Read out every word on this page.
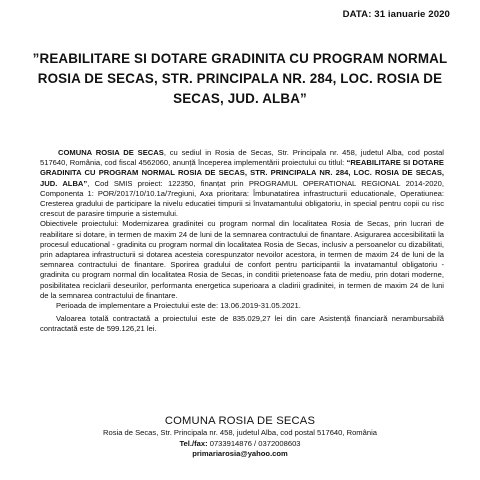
DATA: 31 ianuarie 2020
”REABILITARE SI DOTARE GRADINITA CU PROGRAM NORMAL
ROSIA DE SECAS, STR. PRINCIPALA NR. 284, LOC. ROSIA DE
SECAS, JUD. ALBA”

COMUNA ROSIA DE SECAS, cu sediul in Rosia de Secas, Str. Principala nr. 458, judetul Alba, cod postal 517640, România, cod fiscal 4562060, anunță începerea implementării proiectului cu titlul: “REABILITARE SI DOTARE GRADINITA CU PROGRAM NORMAL ROSIA DE SECAS, STR. PRINCIPALA NR. 284, LOC. ROSIA DE SECAS, JUD. ALBA”, Cod SMIS proiect: 122350, finanțat prin PROGRAMUL OPERATIONAL REGIONAL 2014-2020, Componenta 1: POR/2017/10/10.1a/7regiuni, Axa prioritara: Îmbunatatirea infrastructurii educationale, Operatiunea: Cresterea gradului de participare la nivelu educatiei timpurii si învatamantului obligatoriu, in special pentru copii cu risc crescut de parasire timpurie a sistemului.

Obiectivele proiectului: Modernizarea gradinitei cu program normal din localitatea Rosia de Secas, prin lucrari de reabilitare si dotare, in termen de maxim 24 de luni de la semnarea contractului de finantare. Asigurarea accesibilitatii la procesul educational - gradinita cu program normal din localitatea Rosia de Secas, inclusiv a persoanelor cu dizabilitati, prin adaptarea infrastructurii si dotarea acesteia corespunzator nevoilor acestora, in termen de maxim 24 de luni de la semnarea contractului de finantare. Sporirea gradului de confort pentru participantii la invatamantul obligatoriu - gradinita cu program normal din localitatea Rosia de Secas, in conditii prietenoase fata de mediu, prin dotari moderne, posibilitatea reciclarii deseurilor, performanta energetica superioara a cladirii gradinitei, in termen de maxim 24 de luni de la semnarea contractului de finantare.

Perioada de implementare a Proiectului este de: 13.06.2019-31.05.2021.

Valoarea totală contractată a proiectului este de 835.029,27 lei din care Asistență financiară nerambursabilă contractată este de 599.126,21 lei.

COMUNA ROSIA DE SECAS
Rosia de Secas, Str. Principala nr. 458, judetul Alba, cod postal 517640, România
Tel./fax: 0733914876 / 0372008603
primariarosia@yahoo.com
